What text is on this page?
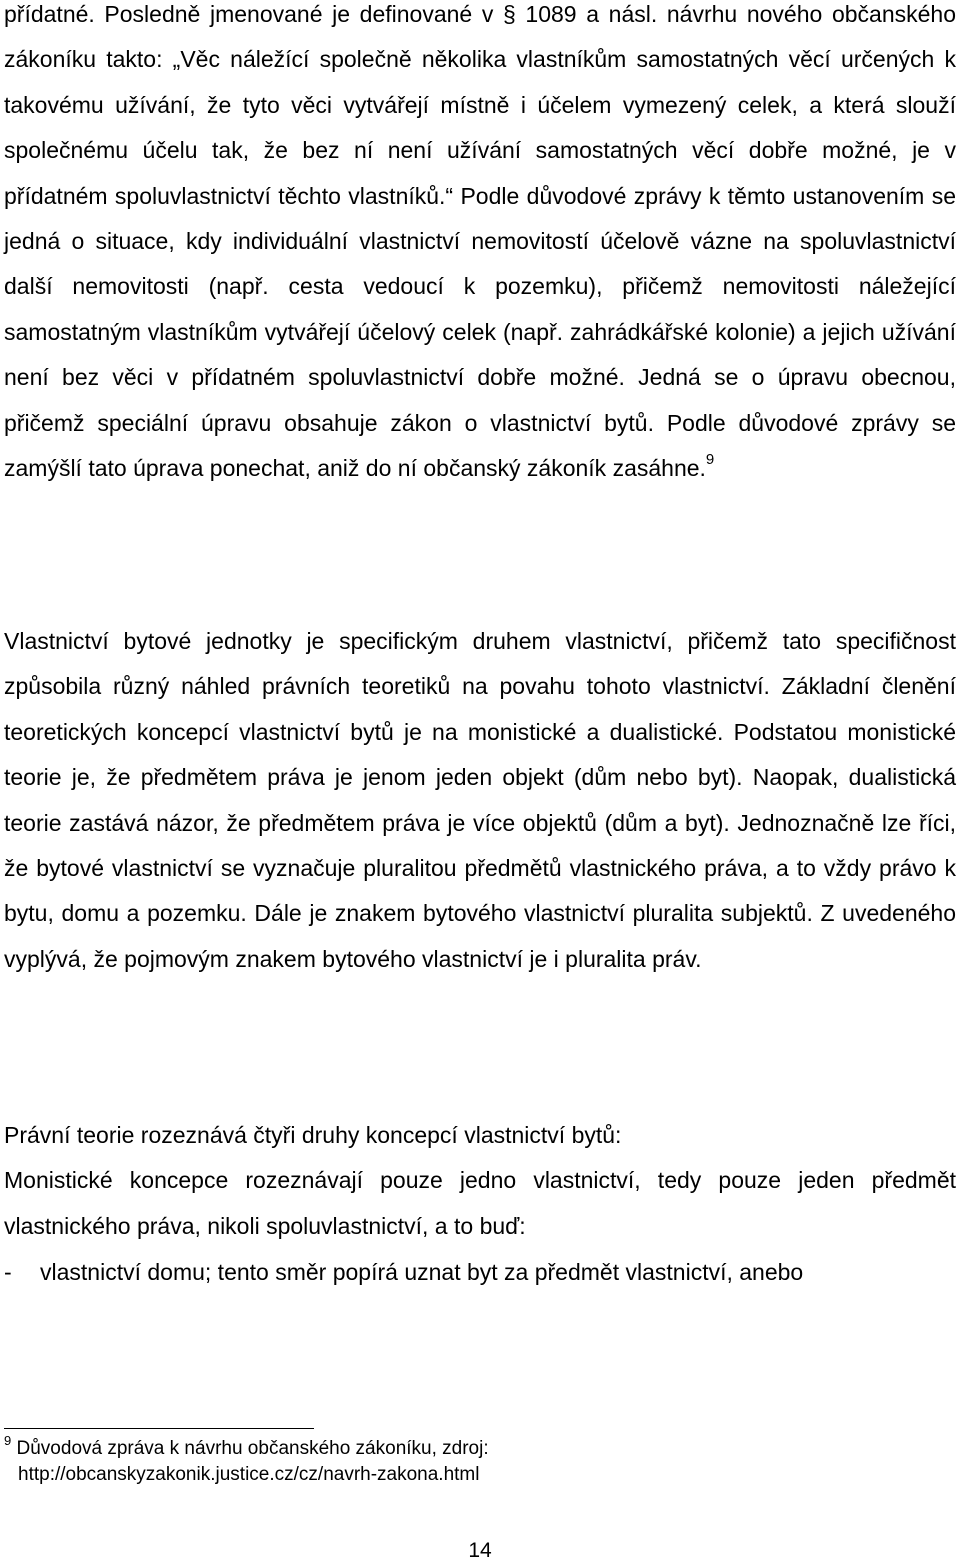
přídatné. Posledně jmenované je definované v § 1089 a násl. návrhu nového občanského zákoníku takto: „Věc náležící společně několika vlastníkům samostatných věcí určených k takovému užívání, že tyto věci vytvářejí místně i účelem vymezený celek, a která slouží společnému účelu tak, že bez ní není užívání samostatných věcí dobře možné, je v přídatném spoluvlastnictví těchto vlastníků.“ Podle důvodové zprávy k těmto ustanovením se jedná o situace, kdy individuální vlastnictví nemovitostí účelově vázne na spoluvlastnictví další nemovitosti (např. cesta vedoucí k pozemku), přičemž nemovitosti náležející samostatným vlastníkům vytvářejí účelový celek (např. zahrádkářské kolonie) a jejich užívání není bez věci v přídatném spoluvlastnictví dobře možné. Jedná se o úpravu obecnou, přičemž speciální úpravu obsahuje zákon o vlastnictví bytů. Podle důvodové zprávy se zamýšlí tato úprava ponechat, aniž do ní občanský zákoník zasáhne.$^9$

Vlastnictví bytové jednotky je specifickým druhem vlastnictví, přičemž tato specifičnost způsobila různý náhled právních teoretiků na povahu tohoto vlastnictví. Základní členění teoretických koncepcí vlastnictví bytů je na monistické a dualistické. Podstatou monistické teorie je, že předmětem práva je jenom jeden objekt (dům nebo byt). Naopak, dualistická teorie zastává názor, že předmětem práva je více objektů (dům a byt). Jednoznačně lze říci, že bytové vlastnictví se vyznačuje pluralitou předmětů vlastnického práva, a to vždy právo k bytu, domu a pozemku. Dále je znakem bytového vlastnictví pluralita subjektů. Z uvedeného vyplývá, že pojmovým znakem bytového vlastnictví je i pluralita práv.

Právní teorie rozeznává čtyři druhy koncepcí vlastnictví bytů:

Monistické koncepce rozeznávají pouze jedno vlastnictví, tedy pouze jeden předmět vlastnického práva, nikoli spoluvlastnictví, a to buď:

-	vlastnictví domu; tento směr popírá uznat byt za předmět vlastnictví, anebo
$^9$ Důvodová zpráva k návrhu občanského zákoníku, zdroj:
http://obcanskyzakonik.justice.cz/cz/navrh-zakona.html
14
